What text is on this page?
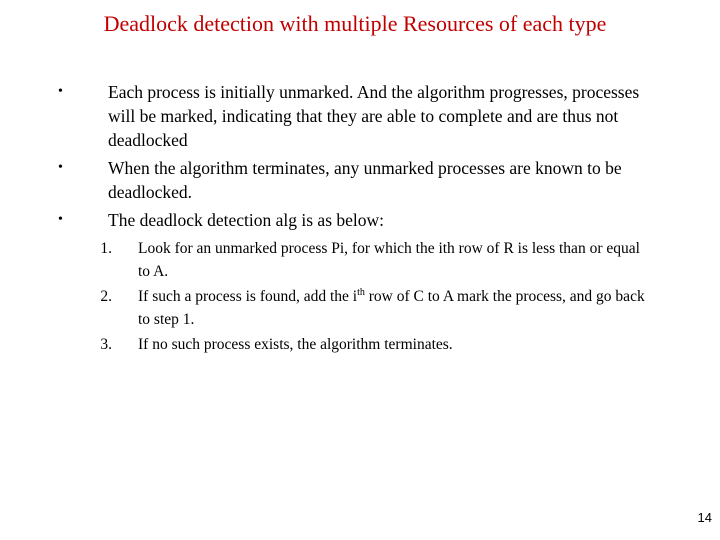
Deadlock detection with multiple Resources of each type
•	Each process is initially unmarked. And the algorithm progresses, processes will be marked, indicating that they are able to complete and are thus not deadlocked
•	When the algorithm terminates, any unmarked processes are known to be deadlocked.
•	The deadlock detection alg is as below:
1. Look for an unmarked process Pi, for which the ith row of R is less than or equal to A.
2. If such a process is found, add the $i^{th}$ row of C to A mark the process, and go back to step 1.
3. If no such process exists, the algorithm terminates.
14
